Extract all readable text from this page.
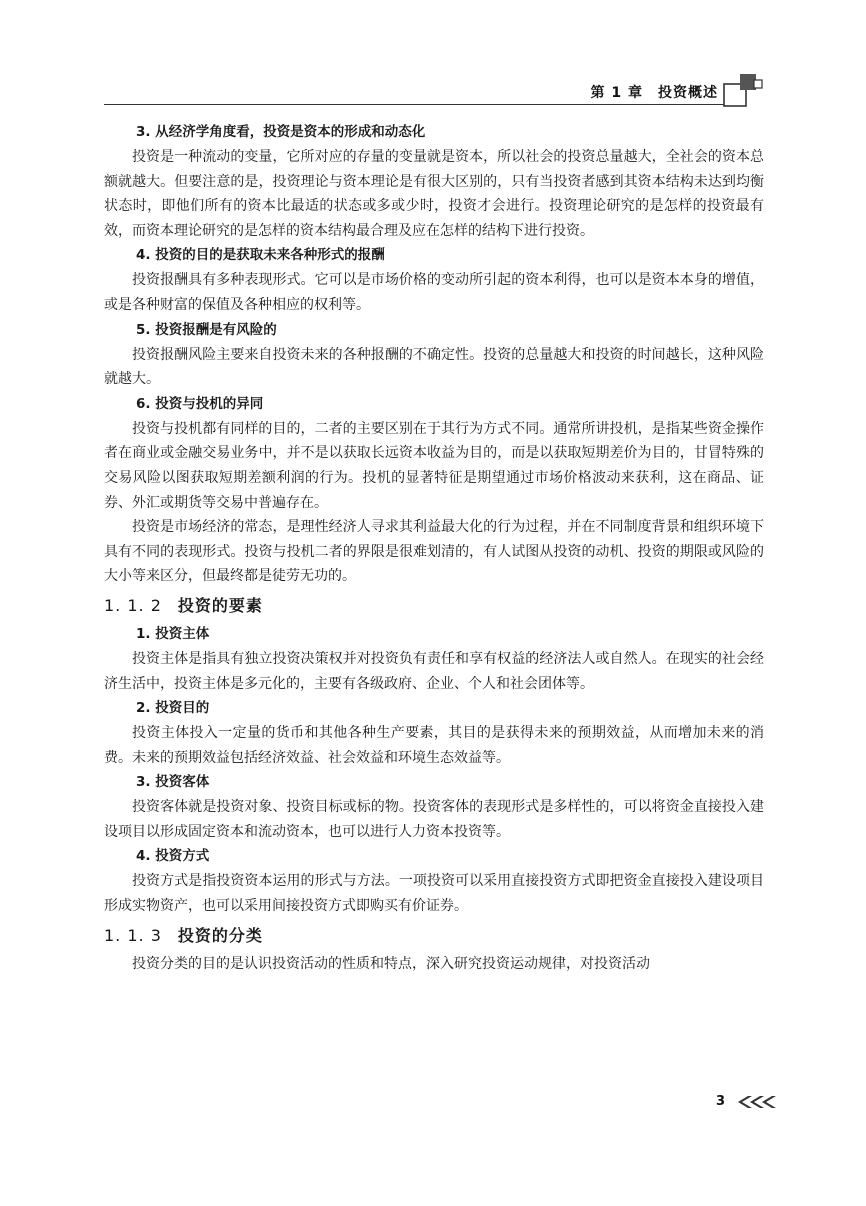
第 1 章　投资概述

3. 从经济学角度看，投资是资本的形成和动态化

投资是一种流动的变量，它所对应的存量的变量就是资本，所以社会的投资总量越大，全社会的资本总额就越大。但要注意的是，投资理论与资本理论是有很大区别的，只有当投资者感到其资本结构未达到均衡状态时，即他们所有的资本比最适的状态或多或少时，投资才会进行。投资理论研究的是怎样的投资最有效，而资本理论研究的是怎样的资本结构最合理及应在怎样的结构下进行投资。

4. 投资的目的是获取未来各种形式的报酬

投资报酬具有多种表现形式。它可以是市场价格的变动所引起的资本利得，也可以是资本本身的增值，或是各种财富的保值及各种相应的权利等。

5. 投资报酬是有风险的

投资报酬风险主要来自投资未来的各种报酬的不确定性。投资的总量越大和投资的时间越长，这种风险就越大。

6. 投资与投机的异同

投资与投机都有同样的目的，二者的主要区别在于其行为方式不同。通常所讲投机，是指某些资金操作者在商业或金融交易业务中，并不是以获取长远资本收益为目的，而是以获取短期差价为目的，甘冒特殊的交易风险以图获取短期差额利润的行为。投机的显著特征是期望通过市场价格波动来获利，这在商品、证券、外汇或期货等交易中普遍存在。

投资是市场经济的常态，是理性经济人寻求其利益最大化的行为过程，并在不同制度背景和组织环境下具有不同的表现形式。投资与投机二者的界限是很难划清的，有人试图从投资的动机、投资的期限或风险的大小等来区分，但最终都是徒劳无功的。

1. 1. 2 投资的要素

1. 投资主体

投资主体是指具有独立投资决策权并对投资负有责任和享有权益的经济法人或自然人。在现实的社会经济生活中，投资主体是多元化的，主要有各级政府、企业、个人和社会团体等。

2. 投资目的

投资主体投入一定量的货币和其他各种生产要素，其目的是获得未来的预期效益，从而增加未来的消费。未来的预期效益包括经济效益、社会效益和环境生态效益等。

3. 投资客体

投资客体就是投资对象、投资目标或标的物。投资客体的表现形式是多样性的，可以将资金直接投入建设项目以形成固定资本和流动资本，也可以进行人力资本投资等。

4. 投资方式

投资方式是指投资资本运用的形式与方法。一项投资可以采用直接投资方式即把资金直接投入建设项目形成实物资产，也可以采用间接投资方式即购买有价证券。

1. 1. 3 投资的分类

投资分类的目的是认识投资活动的性质和特点，深入研究投资运动规律，对投资活动

3
